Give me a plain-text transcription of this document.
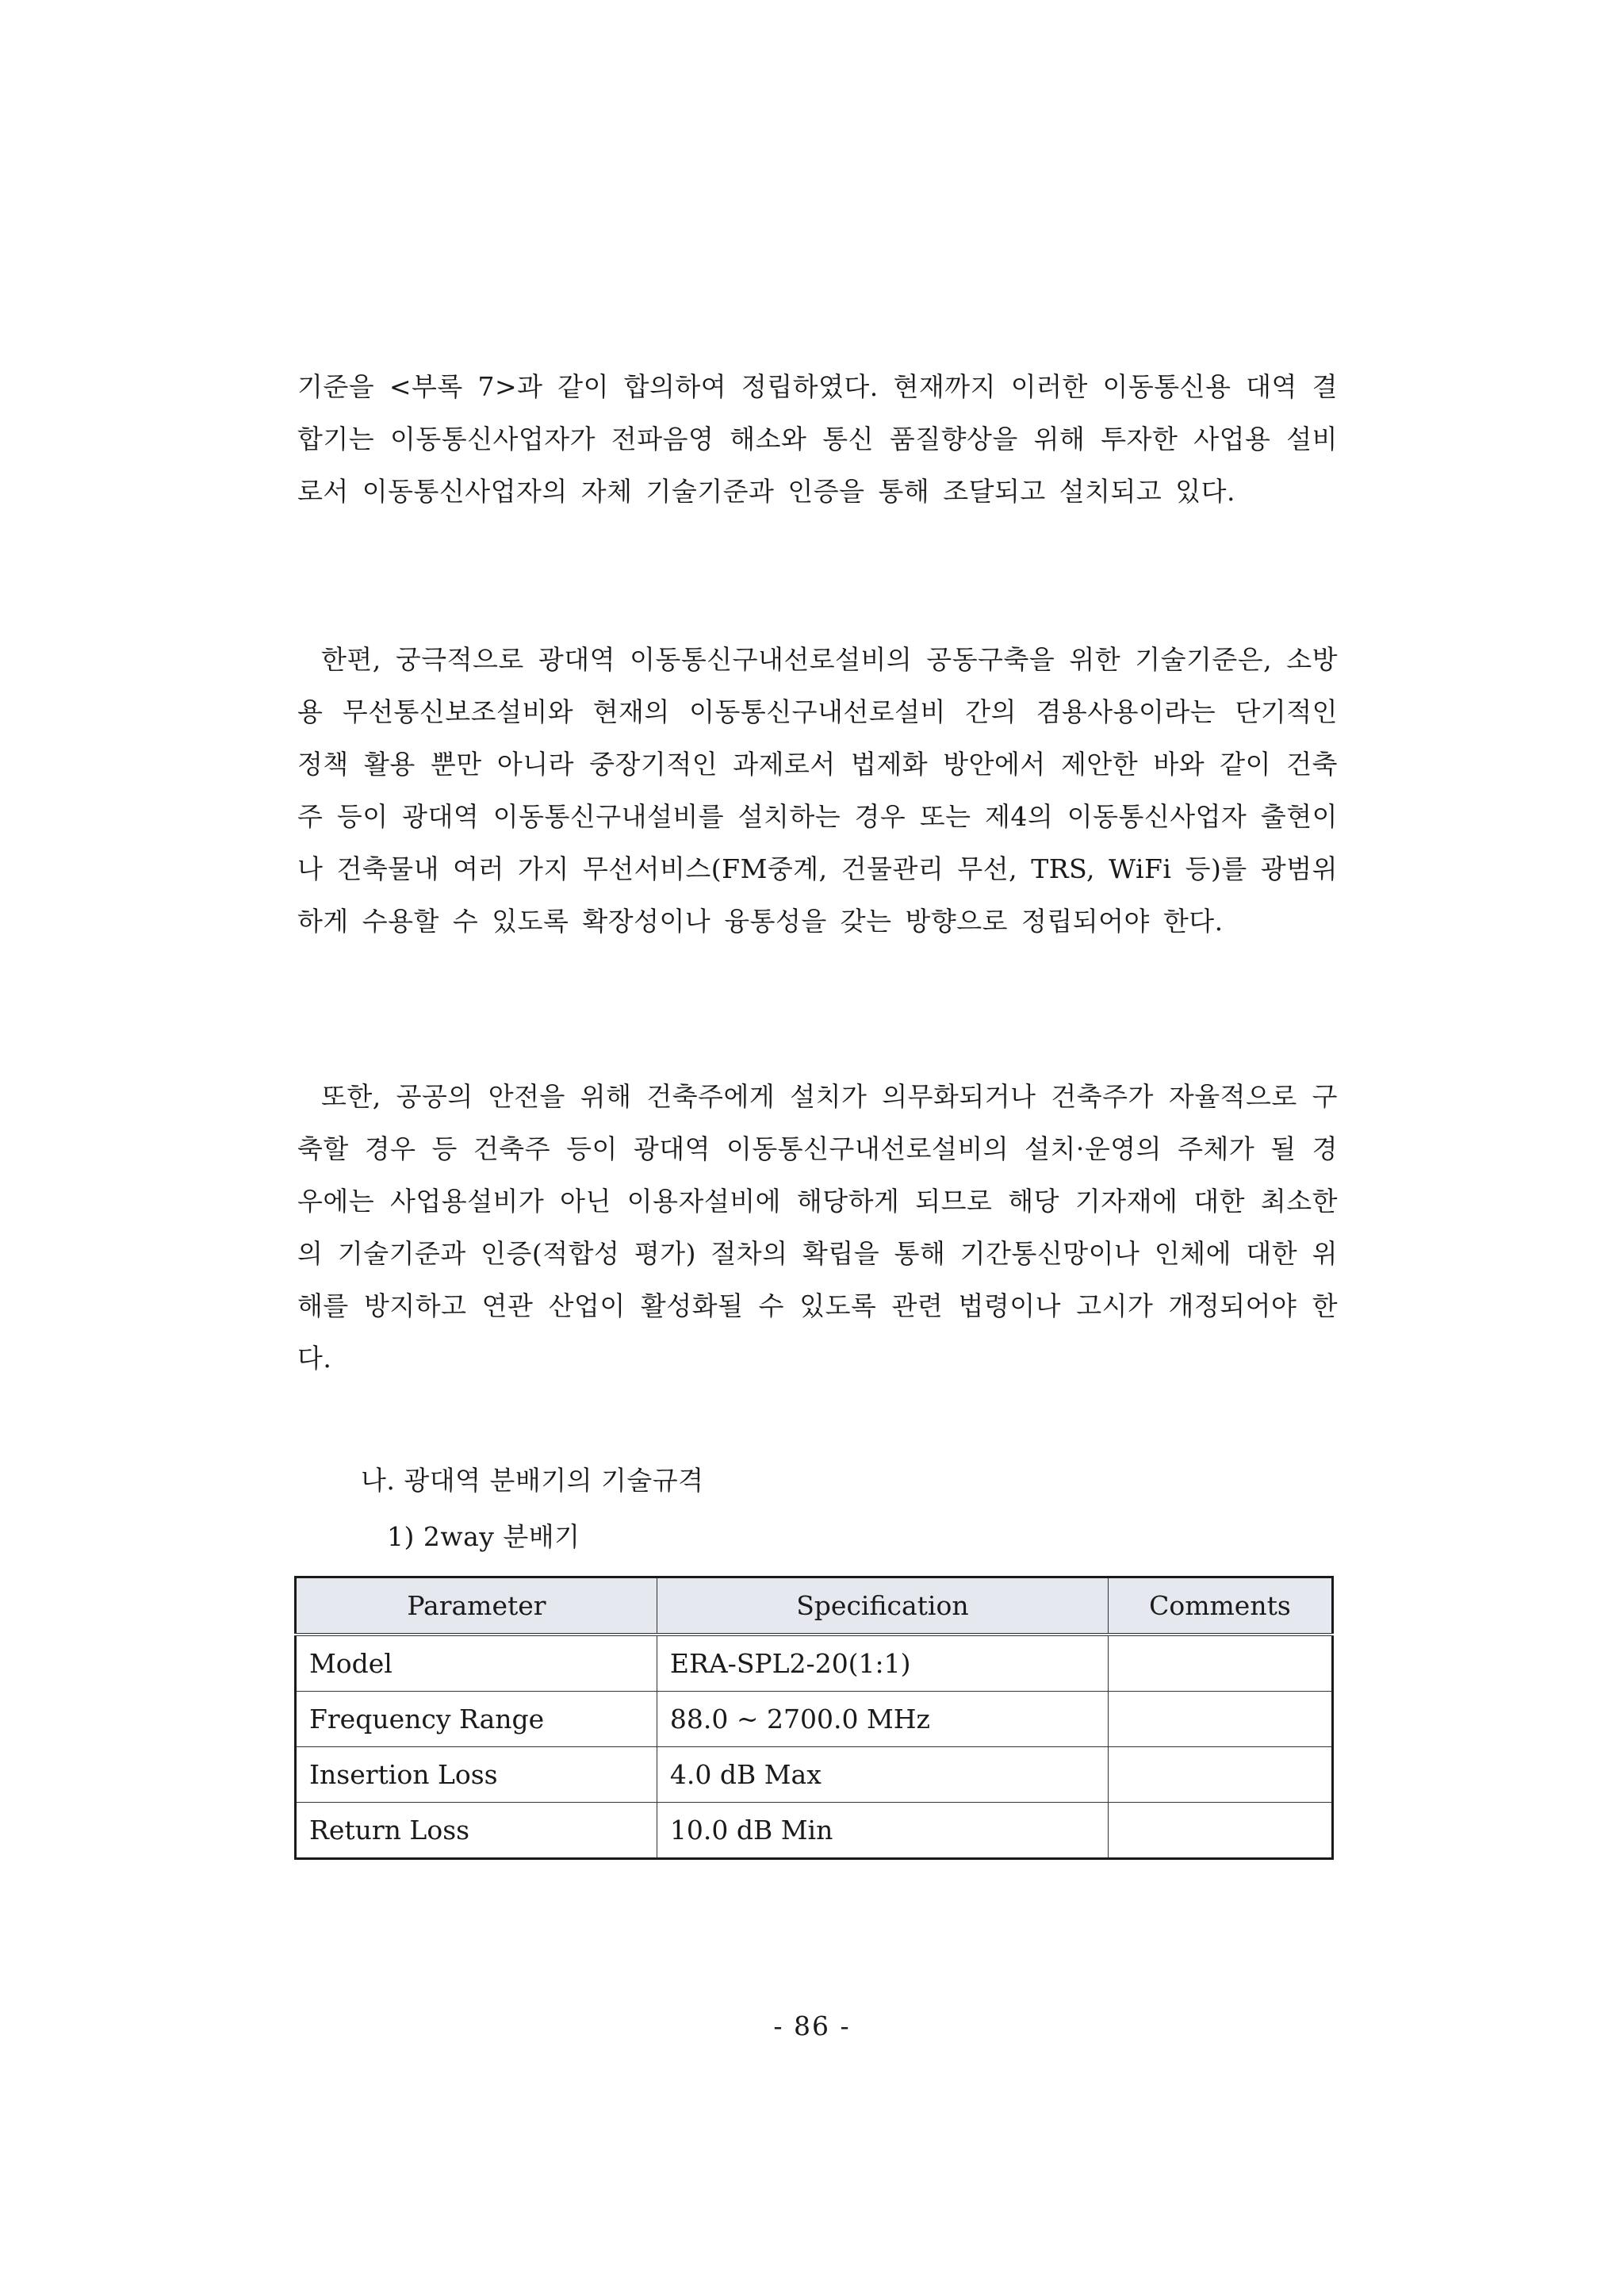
기준을 <부록 7>과 같이 합의하여 정립하였다. 현재까지 이러한 이동통신용 대역 결합기는 이동통신사업자가 전파음영 해소와 통신 품질향상을 위해 투자한 사업용 설비로서 이동통신사업자의 자체 기술기준과 인증을 통해 조달되고 설치되고 있다.

한편, 궁극적으로 광대역 이동통신구내선로설비의 공동구축을 위한 기술기준은, 소방용 무선통신보조설비와 현재의 이동통신구내선로설비 간의 겸용사용이라는 단기적인 정책 활용 뿐만 아니라 중장기적인 과제로서 법제화 방안에서 제안한 바와 같이 건축주 등이 광대역 이동통신구내설비를 설치하는 경우 또는 제4의 이동통신사업자 출현이나 건축물내 여러 가지 무선서비스(FM중계, 건물관리 무선, TRS, WiFi 등)를 광범위하게 수용할 수 있도록 확장성이나 융통성을 갖는 방향으로 정립되어야 한다.

또한, 공공의 안전을 위해 건축주에게 설치가 의무화되거나 건축주가 자율적으로 구축할 경우 등 건축주 등이 광대역 이동통신구내선로설비의 설치·운영의 주체가 될 경우에는 사업용설비가 아닌 이용자설비에 해당하게 되므로 해당 기자재에 대한 최소한의 기술기준과 인증(적합성 평가) 절차의 확립을 통해 기간통신망이나 인체에 대한 위해를 방지하고 연관 산업이 활성화될 수 있도록 관련 법령이나 고시가 개정되어야 한다.

나. 광대역 분배기의 기술규격
1) 2way 분배기
Parameter	Specification	Comments
Model	ERA-SPL2-20(1:1)	
Frequency Range	88.0 ~ 2700.0 MHz	
Insertion Loss	4.0 dB Max	
Return Loss	10.0 dB Min	
- 86 -
